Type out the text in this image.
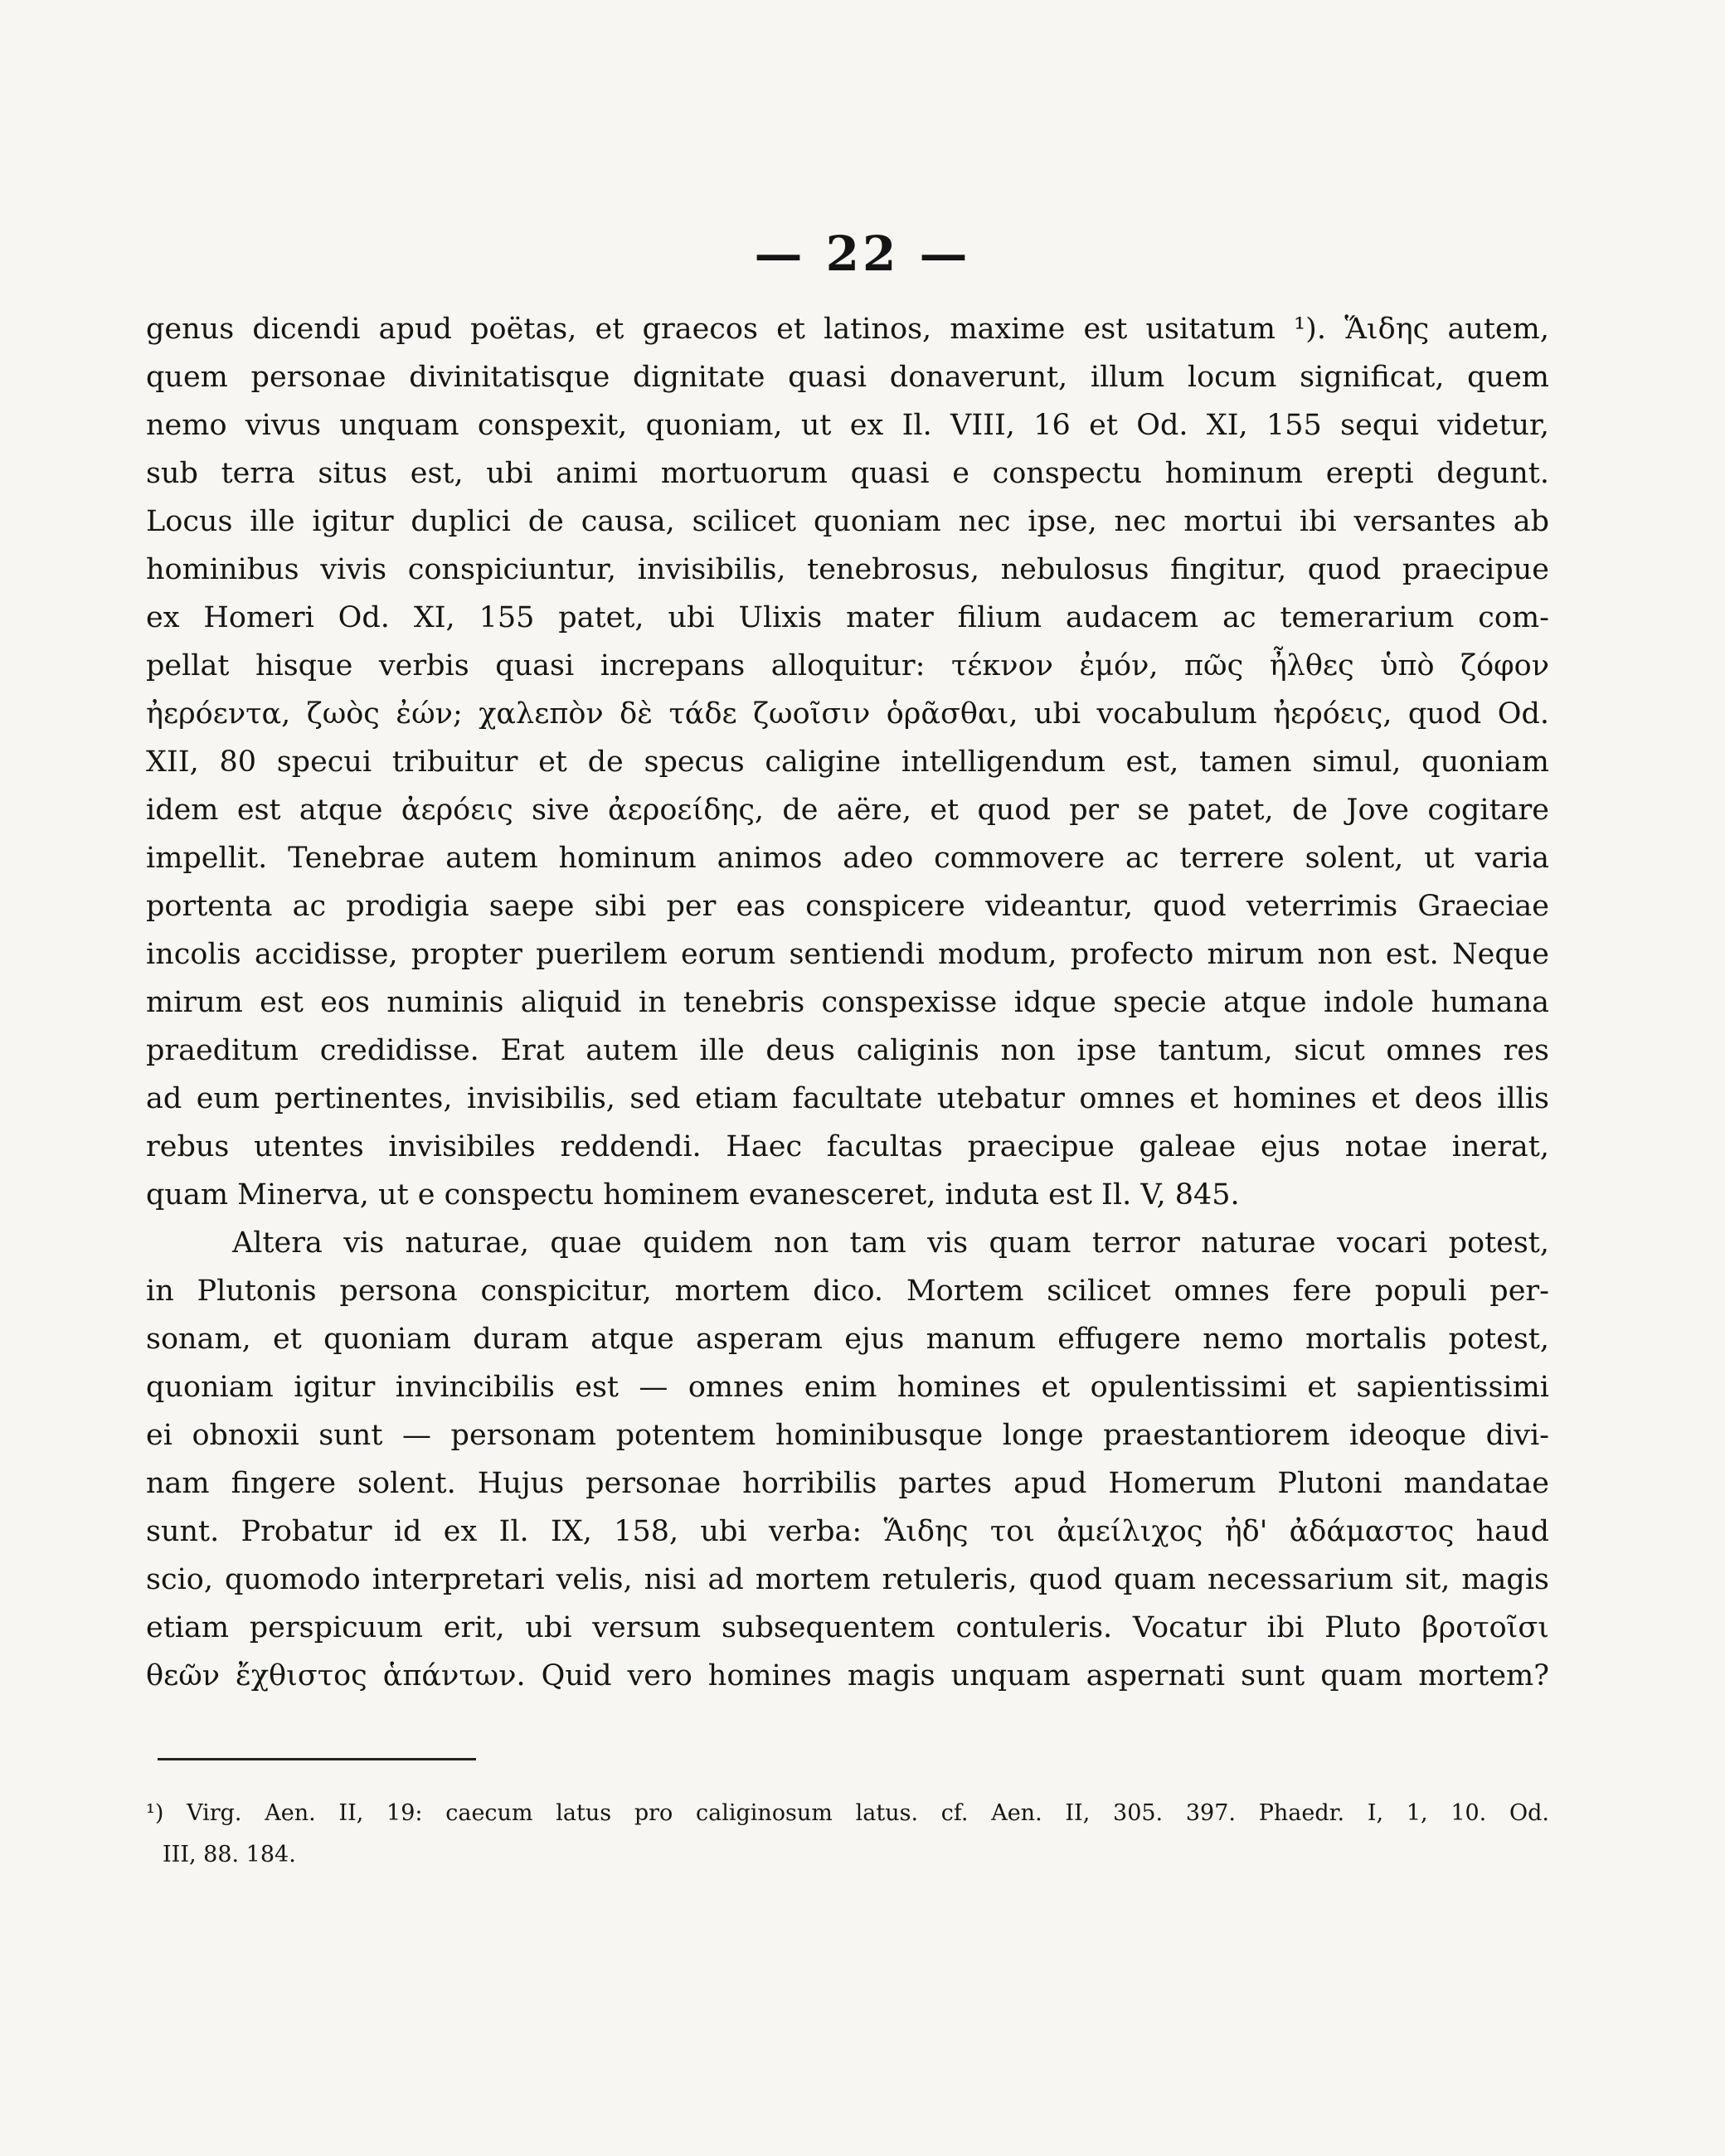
— 22 —
genus dicendi apud poëtas, et graecos et latinos, maxime est usitatum ¹). Ἅιδης autem,
quem personae divinitatisque dignitate quasi donaverunt, illum locum significat, quem
nemo vivus unquam conspexit, quoniam, ut ex Il. VIII, 16 et Od. XI, 155 sequi videtur,
sub terra situs est, ubi animi mortuorum quasi e conspectu hominum erepti degunt.
Locus ille igitur duplici de causa, scilicet quoniam nec ipse, nec mortui ibi versantes ab
hominibus vivis conspiciuntur, invisibilis, tenebrosus, nebulosus fingitur, quod praecipue
ex Homeri Od. XI, 155 patet, ubi Ulixis mater filium audacem ac temerarium com-
pellat hisque verbis quasi increpans alloquitur: τέκνον ἐμόν, πῶς ἦλθες ὑπὸ ζόφον
ἠερόεντα, ζωὸς ἐών; χαλεπὸν δὲ τάδε ζωοῖσιν ὁρᾶσθαι, ubi vocabulum ἠερόεις, quod Od.
XII, 80 specui tribuitur et de specus caligine intelligendum est, tamen simul, quoniam
idem est atque ἀερόεις sive ἀεροείδης, de aëre, et quod per se patet, de Jove cogitare
impellit. Tenebrae autem hominum animos adeo commovere ac terrere solent, ut varia
portenta ac prodigia saepe sibi per eas conspicere videantur, quod veterrimis Graeciae
incolis accidisse, propter puerilem eorum sentiendi modum, profecto mirum non est. Neque
mirum est eos numinis aliquid in tenebris conspexisse idque specie atque indole humana
praeditum credidisse. Erat autem ille deus caliginis non ipse tantum, sicut omnes res
ad eum pertinentes, invisibilis, sed etiam facultate utebatur omnes et homines et deos illis
rebus utentes invisibiles reddendi. Haec facultas praecipue galeae ejus notae inerat,
quam Minerva, ut e conspectu hominem evanesceret, induta est Il. V, 845.
Altera vis naturae, quae quidem non tam vis quam terror naturae vocari potest,
in Plutonis persona conspicitur, mortem dico. Mortem scilicet omnes fere populi per-
sonam, et quoniam duram atque asperam ejus manum effugere nemo mortalis potest,
quoniam igitur invincibilis est — omnes enim homines et opulentissimi et sapientissimi
ei obnoxii sunt — personam potentem hominibusque longe praestantiorem ideoque divi-
nam fingere solent. Hujus personae horribilis partes apud Homerum Plutoni mandatae
sunt. Probatur id ex Il. IX, 158, ubi verba: Ἅιδης τοι ἀμείλιχος ἠδ' ἀδάμαστος haud
scio, quomodo interpretari velis, nisi ad mortem retuleris, quod quam necessarium sit, magis
etiam perspicuum erit, ubi versum subsequentem contuleris. Vocatur ibi Pluto βροτοῖσι
θεῶν ἔχθιστος ἁπάντων. Quid vero homines magis unquam aspernati sunt quam mortem?
¹) Virg. Aen. II, 19: caecum latus pro caliginosum latus. cf. Aen. II, 305. 397. Phaedr. I, 1, 10. Od.
III, 88. 184.
